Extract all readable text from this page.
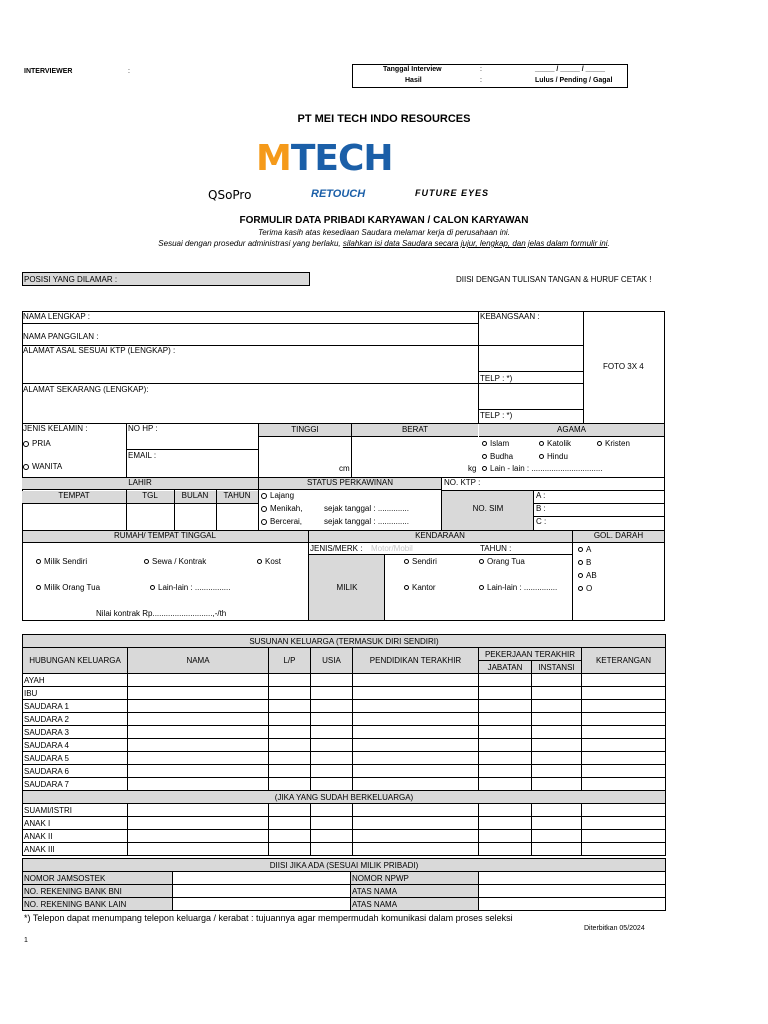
INTERVIEWER	:	Tanggal Interview	:	_____ / _____ / _____
Hasil	:	Lulus / Pending / Gagal
PT MEI TECH INDO RESOURCES
MTECH
QSoPro	RETOUCH	FUTURE EYES
FORMULIR DATA PRIBADI KARYAWAN / CALON KARYAWAN
Terima kasih atas kesediaan Saudara melamar kerja di perusahaan ini.
Sesuai dengan prosedur administrasi yang berlaku, silahkan isi data Saudara secara jujur, lengkap, dan jelas dalam formulir ini.
POSISI YANG DILAMAR :	DIISI DENGAN TULISAN TANGAN & HURUF CETAK !
NAMA LENGKAP :	KEBANGSAAN :
FOTO 3X 4
NAMA PANGGILAN :
ALAMAT ASAL SESUAI KTP (LENGKAP) :
TELP : *)
ALAMAT SEKARANG (LENGKAP):
TELP : *)
JENIS KELAMIN :
PRIA
WANITA
NO HP :
EMAIL :
TINGGI	BERAT
cm	kg
AGAMA
Islam	Katolik	Kristen
Budha	Hindu
Lain - lain : ................................
LAHIR	STATUS PERKAWINAN	NO. KTP :
TEMPAT	TGL	BULAN	TAHUN	Lajang
Menikah,	sejak tanggal : ..............
Bercerai,	sejak tanggal : ..............
NO. SIM
A :
B :
C :
RUMAH/ TEMPAT TINGGAL	KENDARAAN	GOL. DARAH
Milik Sendiri	Sewa / Kontrak	Kost
Milik Orang Tua	Lain-lain : ................
Nilai kontrak Rp...........................,-/th
JENIS/MERK : Motor/Mobil	TAHUN :
MILIK
Sendiri	Orang Tua
Kantor	Lain-lain : ...............
A
B
AB
O
SUSUNAN KELUARGA (TERMASUK DIRI SENDIRI)							
HUBUNGAN KELUARGA	NAMA	L/P	USIA	PENDIDIKAN TERAKHIR	PEKERJAAN TERAKHIR		KETERANGAN
					JABATAN	INSTANSI	
AYAH							
IBU							
SAUDARA 1							
SAUDARA 2							
SAUDARA 3							
SAUDARA 4							
SAUDARA 5							
SAUDARA 6							
SAUDARA 7							
(JIKA YANG SUDAH BERKELUARGA)							
SUAMI/ISTRI							
ANAK I							
ANAK II							
ANAK III							
DIISI JIKA ADA (SESUAI MILIK PRIBADI)			
NOMOR JAMSOSTEK		NOMOR NPWP	
NO. REKENING BANK BNI		ATAS NAMA	
NO. REKENING BANK LAIN		ATAS NAMA	
*) Telepon dapat menumpang telepon keluarga / kerabat : tujuannya agar mempermudah komunikasi dalam proses seleksi
Diterbitkan 05/2024
1
